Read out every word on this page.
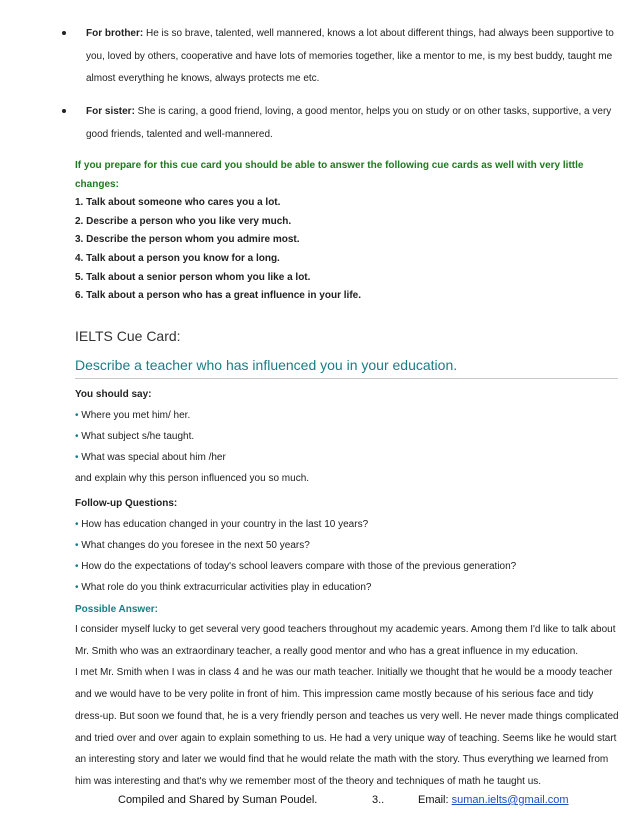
For brother: He is so brave, talented, well mannered, knows a lot about different things, had always been supportive to you, loved by others, cooperative and have lots of memories together, like a mentor to me, is my best buddy, taught me almost everything he knows, always protects me etc.
For sister: She is caring, a good friend, loving, a good mentor, helps you on study or on other tasks, supportive, a very good friends, talented and well-mannered.
If you prepare for this cue card you should be able to answer the following cue cards as well with very little changes:
1. Talk about someone who cares you a lot.
2. Describe a person who you like very much.
3. Describe the person whom you admire most.
4. Talk about a person you know for a long.
5. Talk about a senior person whom you like a lot.
6. Talk about a person who has a great influence in your life.
IELTS Cue Card:
Describe a teacher who has influenced you in your education.
You should say:
• Where you met him/ her.
• What subject s/he taught.
• What was special about him /her
and explain why this person influenced you so much.
Follow-up Questions:
• How has education changed in your country in the last 10 years?
• What changes do you foresee in the next 50 years?
• How do the expectations of today's school leavers compare with those of the previous generation?
• What role do you think extracurricular activities play in education?
Possible Answer:
I consider myself lucky to get several very good teachers throughout my academic years. Among them I'd like to talk about Mr. Smith who was an extraordinary teacher, a really good mentor and who has a great influence in my education.
I met Mr. Smith when I was in class 4 and he was our math teacher. Initially we thought that he would be a moody teacher and we would have to be very polite in front of him. This impression came mostly because of his serious face and tidy dress-up. But soon we found that, he is a very friendly person and teaches us very well. He never made things complicated and tried over and over again to explain something to us. He had a very unique way of teaching. Seems like he would start an interesting story and later we would find that he would relate the math with the story. Thus everything we learned from him was interesting and that's why we remember most of the theory and techniques of math he taught us.
Compiled and Shared by Suman Poudel.	3..	Email: suman.ielts@gmail.com
